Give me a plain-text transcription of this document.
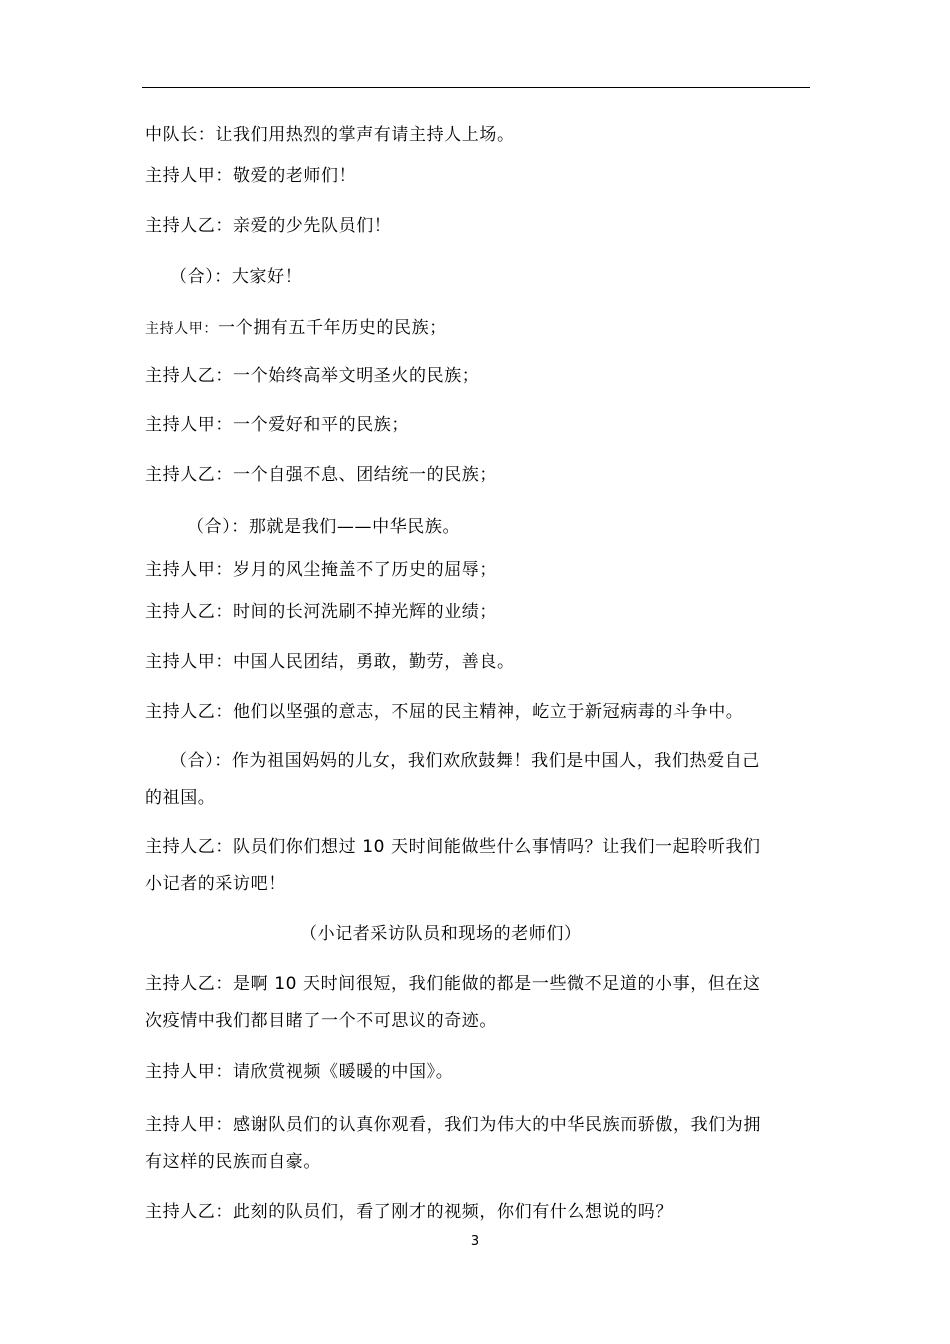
中队长：让我们用热烈的掌声有请主持人上场。
主持人甲：敬爱的老师们！
主持人乙：亲爱的少先队员们！
（合）：大家好！
主持人甲：一个拥有五千年历史的民族；
主持人乙：一个始终高举文明圣火的民族；
主持人甲：一个爱好和平的民族；
主持人乙：一个自强不息、团结统一的民族；
（合）：那就是我们——中华民族。
主持人甲：岁月的风尘掩盖不了历史的屈辱；
主持人乙：时间的长河洗刷不掉光辉的业绩；
主持人甲：中国人民团结，勇敢，勤劳，善良。
主持人乙：他们以坚强的意志，不屈的民主精神，屹立于新冠病毒的斗争中。
（合）：作为祖国妈妈的儿女，我们欢欣鼓舞！我们是中国人，我们热爱自己
的祖国。
主持人乙：队员们你们想过 10 天时间能做些什么事情吗？让我们一起聆听我们
小记者的采访吧！
（小记者采访队员和现场的老师们）
主持人乙：是啊 10 天时间很短，我们能做的都是一些微不足道的小事，但在这
次疫情中我们都目睹了一个不可思议的奇迹。
主持人甲：请欣赏视频《暖暖的中国》。
主持人甲：感谢队员们的认真你观看，我们为伟大的中华民族而骄傲，我们为拥
有这样的民族而自豪。
主持人乙：此刻的队员们，看了刚才的视频，你们有什么想说的吗？
3
